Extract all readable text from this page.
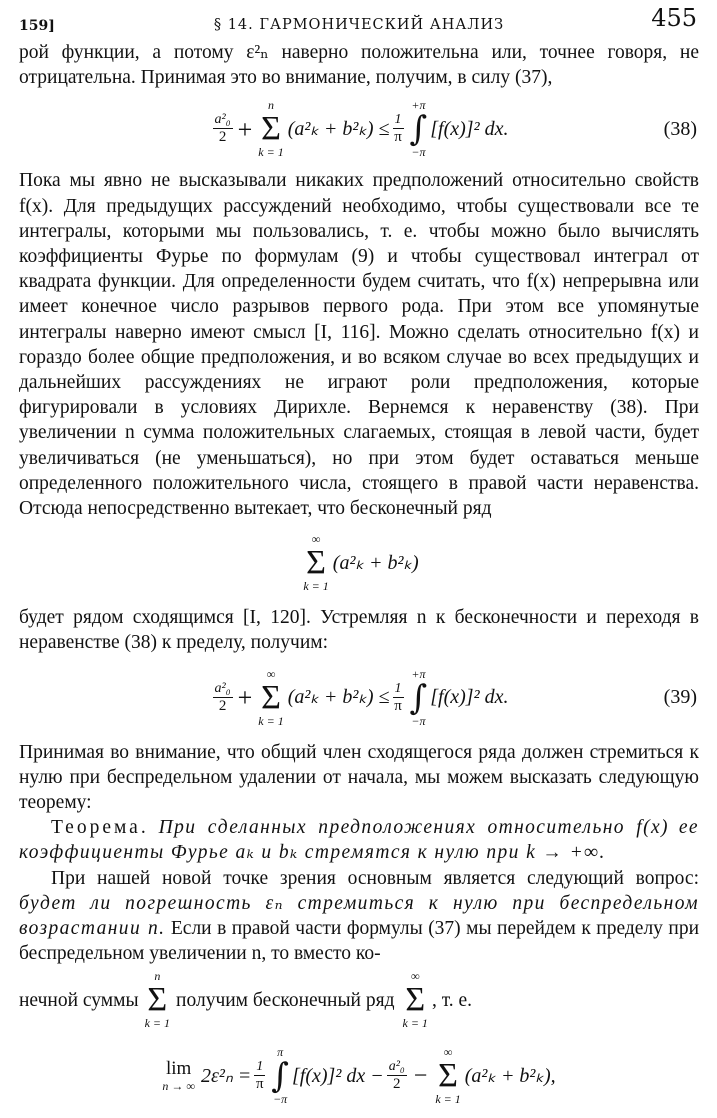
159]	§ 14. ГАРМОНИЧЕСКИЙ АНАЛИЗ	455

рой функции, а потому ε²ₙ наверно положительна или, точнее говоря, не отрицательна. Принимая это во внимание, получим, в силу (37),

$\frac{\text{a²₀}}{2}$ +
n
Σ
k = 1
$(a^2_k + b^2_k) \le \frac{1}{\pi}$
+π
∫
−π
[f(x)]² dx.	(38)

Пока мы явно не высказывали никаких предположений относительно свойств f(x). Для предыдущих рассуждений необходимо, чтобы существовали все те интегралы, которыми мы пользовались, т. е. чтобы можно было вычислять коэффициенты Фурье по формулам (9) и чтобы существовал интеграл от квадрата функции. Для определенности будем считать, что f(x) непрерывна или имеет конечное число разрывов первого рода. При этом все упомянутые интегралы наверно имеют смысл [I, 116]. Можно сделать относительно f(x) и гораздо более общие предположения, и во всяком случае во всех предыдущих и дальнейших рассуждениях не играют роли предположения, которые фигурировали в условиях Дирихле. Вернемся к неравенству (38). При увеличении n сумма положительных слагаемых, стоящая в левой части, будет увеличиваться (не уменьшаться), но при этом будет оставаться меньше определенного положительного числа, стоящего в правой части неравенства. Отсюда непосредственно вытекает, что бесконечный ряд

∞
Σ
k = 1
(a²ₖ + b²ₖ)

будет рядом сходящимся [I, 120]. Устремляя n к бесконечности и переходя в неравенстве (38) к пределу, получим:

$\frac{\text{a²₀}}{2}$ +
∞
Σ
k = 1
$(a^2_k + b^2_k) \le \frac{1}{\pi}$
+π
∫
−π
[f(x)]² dx.	(39)

Принимая во внимание, что общий член сходящегося ряда должен стремиться к нулю при беспредельном удалении от начала, мы можем высказать следующую теорему:

Теорема. При сделанных предположениях относительно f(x) ее коэффициенты Фурье aₖ и bₖ стремятся к нулю при k → +∞.

При нашей новой точке зрения основным является следующий вопрос: будет ли погрешность εₙ стремиться к нулю при беспредельном возрастании n. Если в правой части формулы (37) мы перейдем к пределу при беспредельном увеличении n, то вместо ко-

нечной суммы
n
Σ
k = 1
получим бесконечный ряд
∞
Σ
k = 1
, т. е.
lim
n → ∞ $2\varepsilon^2_n = \frac{1}{\pi}$
π
∫
−π
[f(x)]² dx − $\frac{\text{a²₀}}{2}$ −
∞
Σ
k = 1
(a²ₖ + b²ₖ),
